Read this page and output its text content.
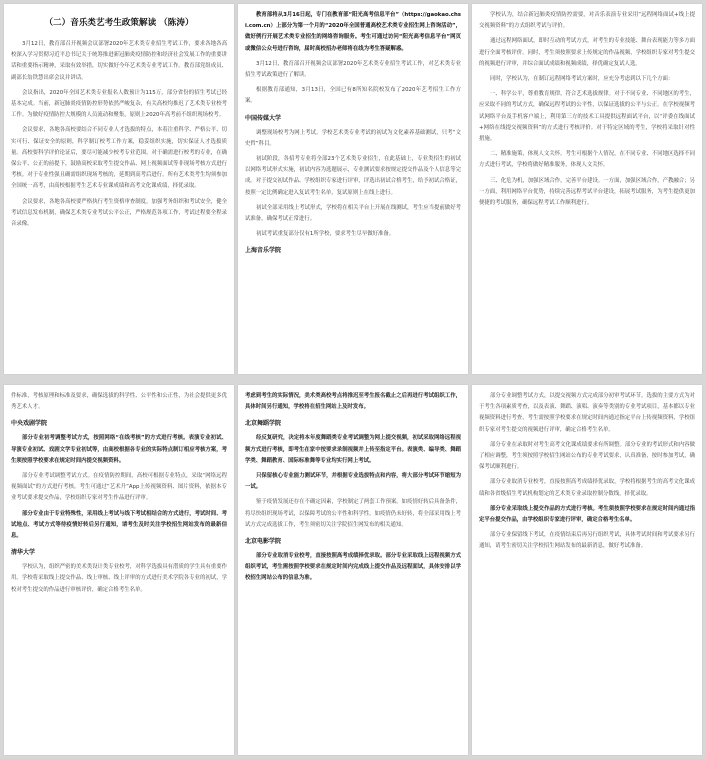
（二）音乐类艺考生政策解读 （陈涛）

3月12日，教育部召开视频会议部署2020年艺术类专业招生考试工作，要求各地各高校深入学习贯彻习近平总书记关于统筹推进新冠肺炎疫情防控和经济社会发展工作的重要讲话和重要指示精神，采取有效举措，切实做好今年艺术类专业考试工作。教育部党组成员、副部长翁铁慧出席会议并讲话。

会议指出，2020年全国艺术类专业报名人数预计为115万，部分省份的招生考试已经基本完成。当前，新冠肺炎疫情防控形势依然严峻复杂，有关高校均推迟了艺术类专业校考工作。为做好疫情防控大规模的人员流动和聚集，原则上2020年高考前不组织现场校考。

会议要求，各地各高校要结合不同专业人才选拔的特点，本着注重科学、严格公平、切实可行、保证安全的原则，科学制订校考工作方案，稳妥组织实施，切实保证人才选拔质量。高校要科学评价论证后，要尽可能减少校考专业范围。对于确需进行校考的专业，在确保公平、公正的前提下，鼓励高校采取考生提交作品、网上视频面试等非现场考核方式进行考核。对于专业性强且确需组织现场考核的，延期到高考后进行。所有艺术类考生均须参加全国统一高考，由高校根据考生艺术专业课成绩和高考文化课成绩，择优录取。

会议要求，各地各高校要严格执行考生资格审查制度，加强考务组织和考试安全，健全考试信息发布机制，确保艺术类专业考试公平公正，严格规范各项工作，考试过程要全程录音录像。

教育部将从3月16日起，专门在教育部“阳光高考信息平台”（https://gaokao.chsi.com.cn）上部分为第一个月的“2020年全国普通高校艺术类专业招生网上咨询活动”，做好例行开展艺术类专业招生的网络咨询服务。考生可通过访问“阳光高考信息平台”网页或微信公众号进行咨询，届时高校招办老师将在线为考生答疑解惑。

3月12日，教育部召开视频会议部署2020年艺术类专业招生考试工作，对艺术类专业招生考试政策进行了解读。

根据教育部通知，3月13日，全国已有8所知名院校发布了2020年艺考招生工作方案。

中国传媒大学

调整现场校考为网上考试。学校艺术类专业考试的初试为文化素养基础测试，只考“文史哲”科目。

初试阶段，各招考专业将全部23个艺术类专业招生，在此基础上，专业类招生的初试以网络考试形式实施，初试内容为选题展示，专业测试要求按规定提交作品及个人信息等完成。对于提交初试作品、学校组织专家进行评审，评选出初试合格考生，给予初试合格证，按照一定比例确定进入复试考生名单，复试原则上在线上进行。

初试全部采用线上考试形式，学校将在相关平台上开展在线测试，考生应当提前做好考试准备，确保考试正常进行。

初试考试重复部分仅有1所学校，要求考生尽早做好准备。

上海音乐学院

学校认为，结合新冠肺炎疫情防控需要，对音乐表演专业采用“远程网络面试+线上提交视频资料”的方式组织考试与评价。

通过远程网络面试，即时互动的考试方式，对考生的专业技能、舞台表现能力等多方面进行全面考核评价。同时，考生须按照要求上传规定的作品视频，学校组织专家对考生提交的视频进行评审，并综合面试成绩和视频成绩，择优确定复试人选。

同时，学校认为，在制订远程网络考试方案时，应充分考虑到以下几个方面：

一、科学公平，尊重教育规律，符合艺术选拔规律。对于不同专业、不同地区的考生，应采取不同的考试方式，确保远程考试的公平性，以保证选拔的公平与公正。在学校视频考试网络平台及手机客户端上，利用第三方的技术工具提供远程面试平台，以“评委在线面试+网络在线提交视频资料”的方式进行考核评价。对于特定区域的考生，学校将采取针对性措施。

二、精准施策，体现人文关怀。考生可根据个人情况，在不同专业、不同地区选择不同方式进行考试，学校将做好精准服务，体现人文关怀。

三、化危为机，加强区域合作，完善平台建设。一方面，加强区域合作，产教融合；另一方面，利用网络平台优势，持续完善远程考试平台建设，拓展考试服务，为考生提供更加便捷的考试服务，确保远程考试工作顺利进行。

件标准，考核原理和标准及要求，确保选拔的科学性、公平性和公正性，为社会提供更多优秀艺术人才。

中央戏剧学院

部分专业初考调整考试方式，按照网络“在线考核”的方式进行考核。表演专业初试、导演专业初试、戏剧文学专业初试等，由高校根据各专业的实际特点制订相应考核方案，考生须按照学校要求在规定时间内提交视频资料。

部分专业考试调整考试方式。在疫情防控期间，高校可根据专业特点，采取“网络远程视频面试”的方式进行考核。考生可通过“艺术升”App上传视频资料、图片资料，依据本专业考试要求提交作品，学校组织专家对考生作品进行评审。

部分专业由于专业特殊性，采用线上考试与线下考试相结合的方式进行，考试时间、考试地点、考试方式等待疫情好转后另行通知，请考生及时关注学校招生网站发布的最新信息。

清华大学

学校认为，组织严密的美术类设计类专业校考，对科学选拔具有潜质的学生具有重要作用。学校将采取线上提交作品、线上审核、线上评审的方式进行美术学院各专业的初试，学校对考生提交的作品进行审核评价，确定合格考生名单。

考虑到考生的实际情况，美术类高校考点将推迟至考生报名截止之后再进行考试组织工作，具体时间另行通知，学校将在招生网站上及时发布。

北京舞蹈学院

经反复研究，决定将本年度舞蹈类专业考试调整为网上提交视频，初试采取网络远程视频方式进行考核，即考生在家中按要求录制视频并上传至指定平台。表演类、编导类、舞蹈学类、舞蹈教育、国际标准舞等专业均实行网上考试。

只保留核心专业能力测试环节，并根据专业选拔特点和内容，将大部分考试环节缩短为一试。

鉴于疫情发展还存在不确定因素，学校制定了两套工作预案。如疫情好转后具备条件，将尽快组织现场考试，以保障考试的公平性和科学性。如疫情仍未好转，将全部采用线上考试方式完成选拔工作，考生须密切关注学院招生网发布的相关通知。

北京电影学院

部分专业取消专业校考，直接按照高考成绩择优录取。部分专业采取线上远程视频方式组织考试，考生需按照学校要求在规定时间内完成线上提交作品及远程面试，具体安排以学校招生网站公布的信息为准。

部分专业调整考试方式，以提交视频方式完成部分初审考试环节。选拔的主要方式为对于考生各项素质考查，以及表演、舞蹈、演唱、演奏等类别的专业考试项目，基本都以专业视频资料进行考查，考生需按照学校要求在规定时间内通过指定平台上传视频资料，学校组织专家对考生提交的视频进行评审，确定合格考生名单。

部分专业在录取时对考生高考文化课成绩要求有所调整。部分专业的考试形式和内容做了相应调整，考生须按照学校招生网站公布的专业考试要求，认真准备，按时参加考试，确保考试顺利进行。

部分专业取消专业校考，直接按照高考成绩择优录取，学校将根据考生的高考文化课成绩和各省级招生考试机构划定的艺术类专业录取控制分数线，择优录取。

部分专业采取线上提交作品的方式进行考核。考生须按照学校要求在规定时间内通过指定平台提交作品，由学校组织专家进行评审，确定合格考生名单。

部分专业保留线下考试，在疫情结束后再另行组织考试，具体考试时间和考试要求另行通知，请考生密切关注学校招生网站发布的最新消息，做好考试准备。
